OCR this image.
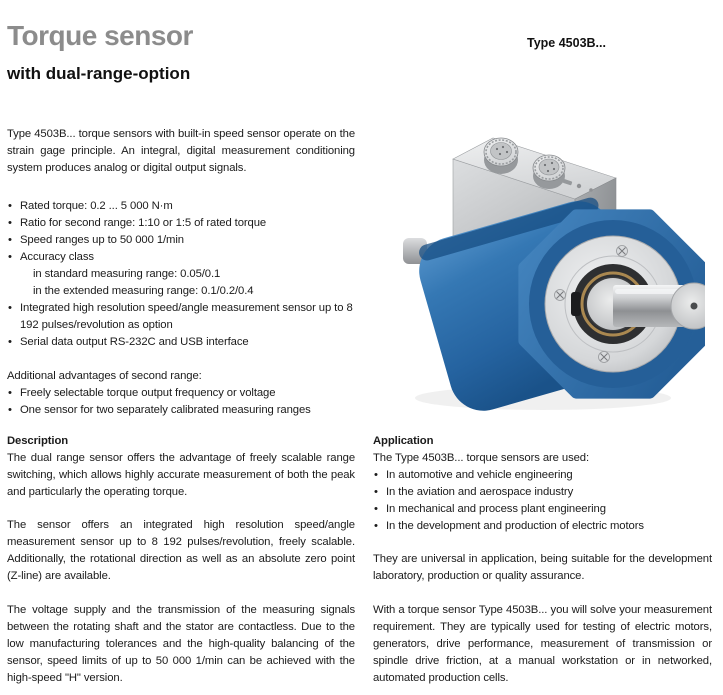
Torque sensor	Type 4503B...
with dual-range-option

Type 4503B... torque sensors with built-in speed sensor operate on the strain gage principle. An integral, digital measurement conditioning system produces analog or digital output signals.

• Rated torque: 0.2 ... 5 000 N·m
• Ratio for second range: 1:10 or 1:5 of rated torque
• Speed ranges up to 50 000 1/min
• Accuracy class
in standard measuring range: 0.05/0.1
in the extended measuring range: 0.1/0.2/0.4
• Integrated high resolution speed/angle measurement sensor up to 8 192 pulses/revolution as option
• Serial data output RS-232C and USB interface
Additional advantages of second range:
• Freely selectable torque output frequency or voltage
• One sensor for two separately calibrated measuring ranges
Description

The dual range sensor offers the advantage of freely scalable range switching, which allows highly accurate measurement of both the peak and particularly the operating torque.

The sensor offers an integrated high resolution speed/angle measurement sensor up to 8 192 pulses/revolution, freely scalable. Additionally, the rotational direction as well as an absolute zero point (Z-line) are available.

The voltage supply and the transmission of the measuring signals between the rotating shaft and the stator are contactless. Due to the low manufacturing tolerances and the high-quality balancing of the sensor, speed limits of up to 50 000 1/min can be achieved with the high-speed "H" version.

Application
The Type 4503B... torque sensors are used:
• In automotive and vehicle engineering
• In the aviation and aerospace industry
• In mechanical and process plant engineering
• In the development and production of electric motors

They are universal in application, being suitable for the development laboratory, production or quality assurance.

With a torque sensor Type 4503B... you will solve your measurement requirement. They are typically used for testing of electric motors, generators, drive performance, measurement of transmission or spindle drive friction, at a manual workstation or in networked, automated production cells.
